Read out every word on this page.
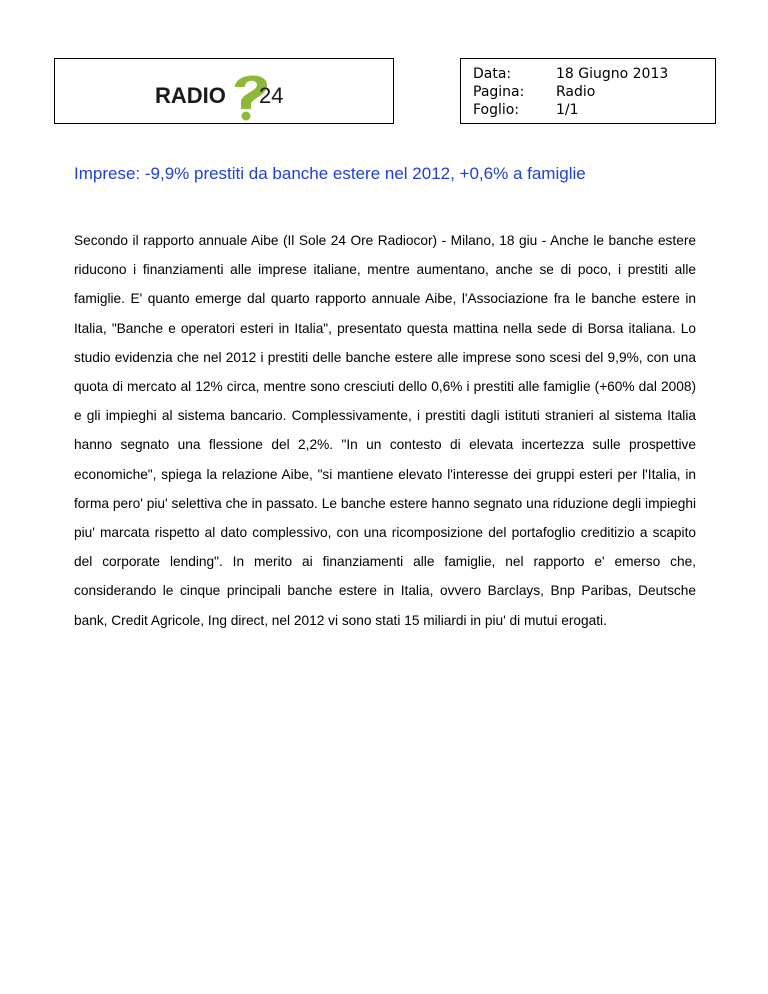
RADIO 24
Data:	18 Giugno 2013
Pagina:	Radio
Foglio:	1/1
Imprese: -9,9% prestiti da banche estere nel 2012, +0,6% a famiglie

Secondo il rapporto annuale Aibe (Il Sole 24 Ore Radiocor) - Milano, 18 giu - Anche le banche estere riducono i finanziamenti alle imprese italiane, mentre aumentano, anche se di poco, i prestiti alle famiglie. E' quanto emerge dal quarto rapporto annuale Aibe, l'Associazione fra le banche estere in Italia, "Banche e operatori esteri in Italia", presentato questa mattina nella sede di Borsa italiana. Lo studio evidenzia che nel 2012 i prestiti delle banche estere alle imprese sono scesi del 9,9%, con una quota di mercato al 12% circa, mentre sono cresciuti dello 0,6% i prestiti alle famiglie (+60% dal 2008) e gli impieghi al sistema bancario. Complessivamente, i prestiti dagli istituti stranieri al sistema Italia hanno segnato una flessione del 2,2%. "In un contesto di elevata incertezza sulle prospettive economiche", spiega la relazione Aibe, "si mantiene elevato l'interesse dei gruppi esteri per l'Italia, in forma pero' piu' selettiva che in passato. Le banche estere hanno segnato una riduzione degli impieghi piu' marcata rispetto al dato complessivo, con una ricomposizione del portafoglio creditizio a scapito del corporate lending". In merito ai finanziamenti alle famiglie, nel rapporto e' emerso che, considerando le cinque principali banche estere in Italia, ovvero Barclays, Bnp Paribas, Deutsche bank, Credit Agricole, Ing direct, nel 2012 vi sono stati 15 miliardi in piu' di mutui erogati.
